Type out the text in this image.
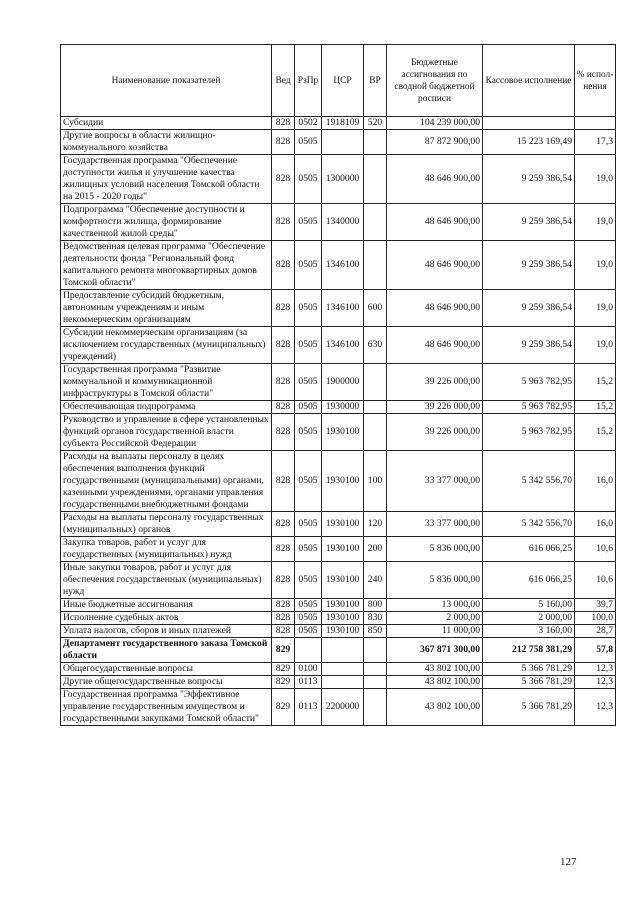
Наименование показателей	Вед	РзПр	ЦСР	ВР	Бюджетные ассигнования по сводной бюджетной росписи	Кассовое исполнение	% испол-нения
Субсидии	828	0502	1918109	520	104 239 000,00		
Другие вопросы в области жилищно-коммунального хозяйства	828	0505			87 872 900,00	15 223 169,49	17,3
Государственная программа "Обеспечение доступности жилья и улучшение качества жилищных условий населения Томской области на 2015 - 2020 годы"	828	0505	1300000		48 646 900,00	9 259 386,54	19,0
Подпрограмма "Обеспечение доступности и комфортности жилища, формирование качественной жилой среды"	828	0505	1340000		48 646 900,00	9 259 386,54	19,0
Ведомственная целевая программа "Обеспечение деятельности фонда "Региональный фонд капитального ремонта многоквартирных домов Томской области"	828	0505	1346100		48 646 900,00	9 259 386,54	19,0
Предоставление субсидий бюджетным, автономным учреждениям и иным некоммерческим организациям	828	0505	1346100	600	48 646 900,00	9 259 386,54	19,0
Субсидии некоммерческим организациям (за исключением государственных (муниципальных) учреждений)	828	0505	1346100	630	48 646 900,00	9 259 386,54	19,0
Государственная программа "Развитие коммунальной и коммуникационной инфраструктуры в Томской области"	828	0505	1900000		39 226 000,00	5 963 782,95	15,2
Обеспечивающая подпрограмма	828	0505	1930000		39 226 000,00	5 963 782,95	15,2
Руководство и управление в сфере установленных функций органов государственной власти субъекта Российской Федерации	828	0505	1930100		39 226 000,00	5 963 782,95	15,2
Расходы на выплаты персоналу в целях обеспечения выполнения функций государственными (муниципальными) органами, казенными учреждениями, органами управления государственными внебюджетными фондами	828	0505	1930100	100	33 377 000,00	5 342 556,70	16,0
Расходы на выплаты персоналу государственных (муниципальных) органов	828	0505	1930100	120	33 377 000,00	5 342 556,70	16,0
Закупка товаров, работ и услуг для государственных (муниципальных) нужд	828	0505	1930100	200	5 836 000,00	616 066,25	10,6
Иные закупки товаров, работ и услуг для обеспечения государственных (муниципальных) нужд	828	0505	1930100	240	5 836 000,00	616 066,25	10,6
Иные бюджетные ассигнования	828	0505	1930100	800	13 000,00	5 160,00	39,7
Исполнение судебных актов	828	0505	1930100	830	2 000,00	2 000,00	100,0
Уплата налогов, сборов и иных платежей	828	0505	1930100	850	11 000,00	3 160,00	28,7
Департамент государственного заказа Томской области	829				367 871 300,00	212 758 381,29	57,8
Общегосударственные вопросы	829	0100			43 802 100,00	5 366 781,29	12,3
Другие общегосударственные вопросы	829	0113			43 802 100,00	5 366 781,29	12,3
Государственная программа "Эффективное управление государственным имуществом и государственными закупками Томской области"	829	0113	2200000		43 802 100,00	5 366 781,29	12,3
127
